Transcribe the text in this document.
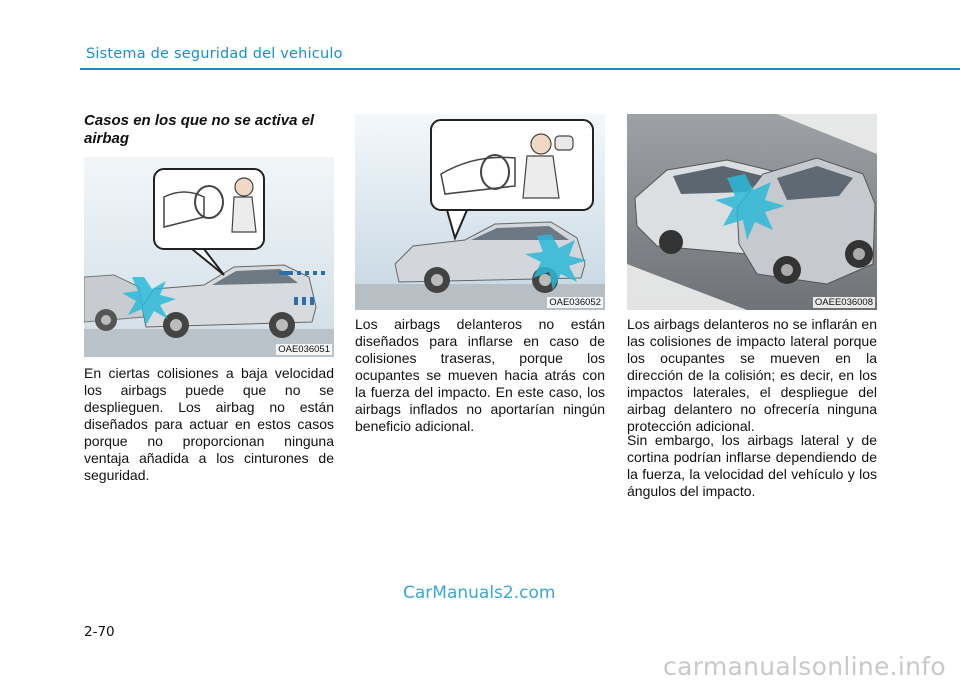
Sistema de seguridad del vehiculo
Casos en los que no se activa el airbag
OAE036051
OAE036052	OAEE036008

En ciertas colisiones a baja velocidad los airbags puede que no se desplieguen. Los airbag no están diseñados para actuar en estos casos porque no proporcionan ninguna ventaja añadida a los cinturones de seguridad.

Los airbags delanteros no están diseñados para inflarse en caso de colisiones traseras, porque los ocupantes se mueven hacia atrás con la fuerza del impacto. En este caso, los airbags inflados no aportarían ningún beneficio adicional.

Los airbags delanteros no se inflarán en las colisiones de impacto lateral porque los ocupantes se mueven en la dirección de la colisión; es decir, en los impactos laterales, el despliegue del airbag delantero no ofrecería ninguna protección adicional.

Sin embargo, los airbags lateral y de cortina podrían inflarse dependiendo de la fuerza, la velocidad del vehículo y los ángulos del impacto.

CarManuals2.com
2-70
carmanualsonline.info
